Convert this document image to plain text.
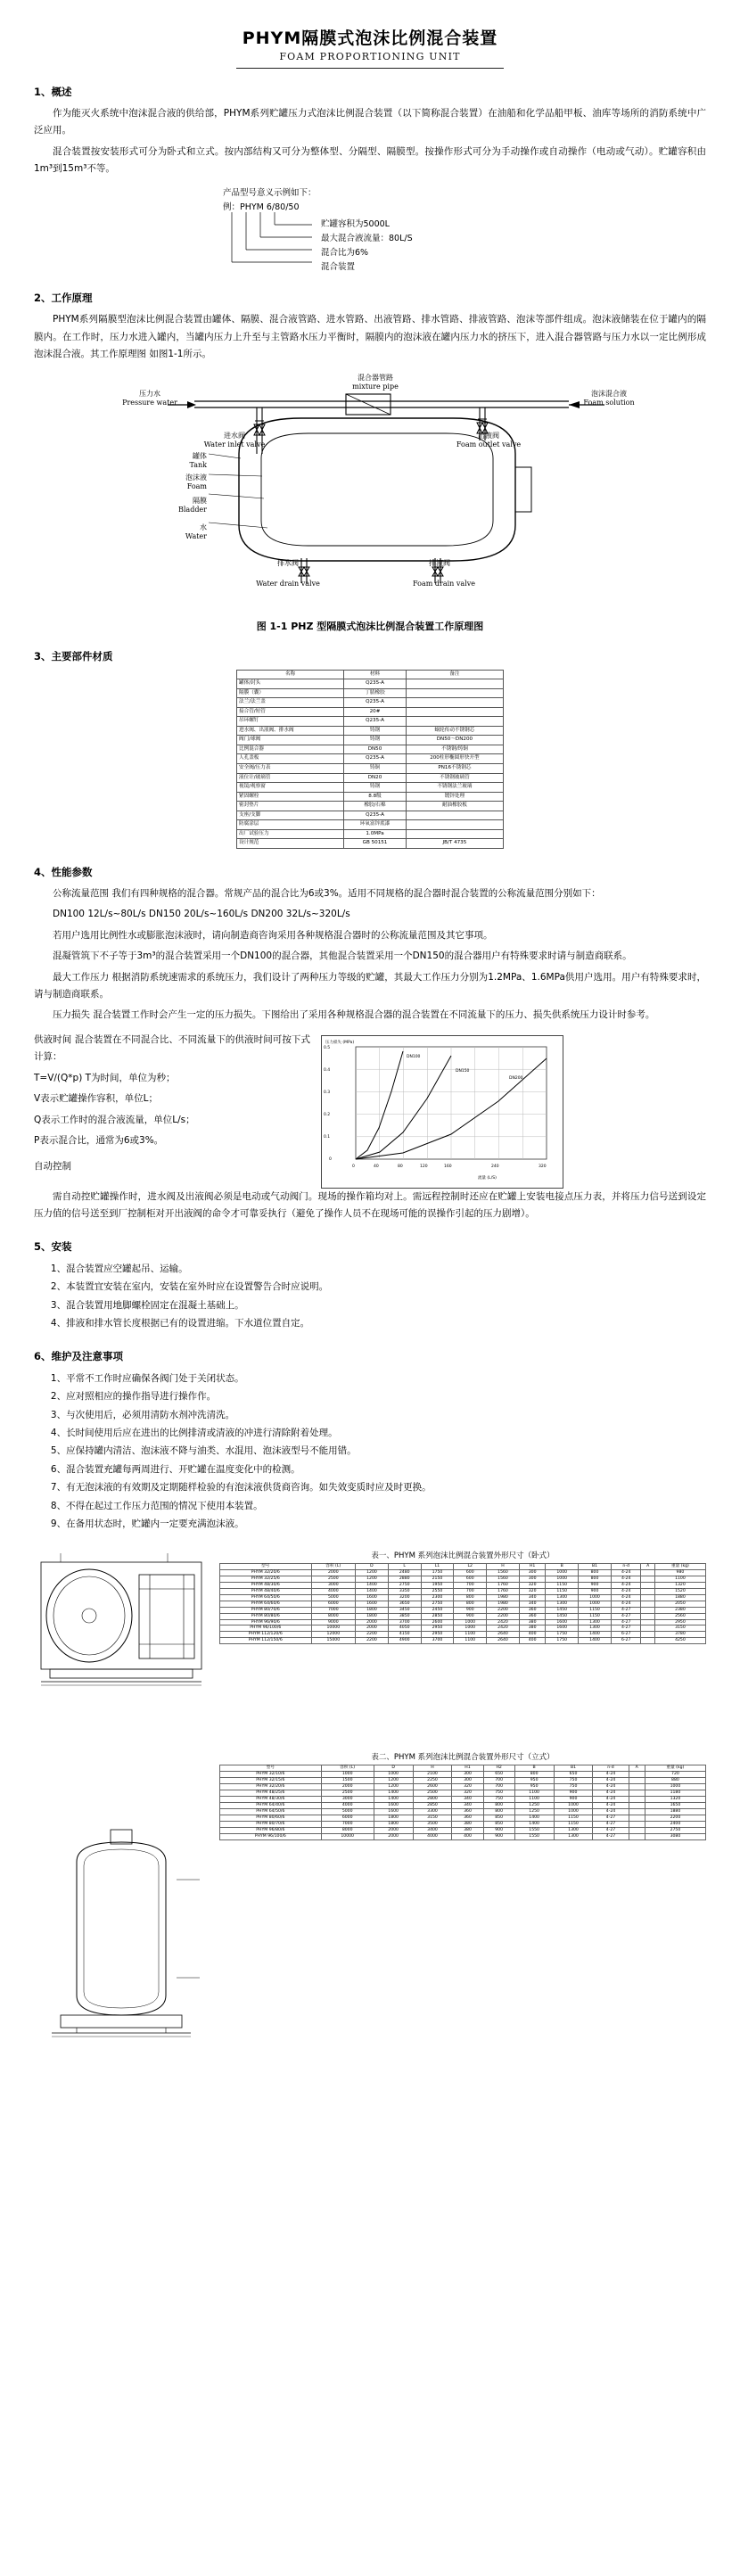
PHYM隔膜式泡沫比例混合装置
FOAM PROPORTIONING UNIT
1、概述

作为能灭火系统中泡沫混合液的供给部，PHYM系列贮罐压力式泡沫比例混合装置（以下简称混合装置）在油船和化学品船甲板、油库等场所的消防系统中广泛应用。

混合装置按安装形式可分为卧式和立式。按内部结构又可分为整体型、分隔型、隔膜型。按操作形式可分为手动操作或自动操作（电动或气动）。贮罐容积由1m³到15m³不等。

产品型号意义示例如下：
例：PHYM 6/80/50
贮罐容积为5000L
最大混合液流量：80L/S
混合比为6%
混合装置
2、工作原理

PHYM系列隔膜型泡沫比例混合装置由罐体、隔膜、混合液管路、进水管路、出液管路、排水管路、排液管路、泡沫等部件组成。泡沫液储装在位于罐内的隔膜内。在工作时，压力水进入罐内，当罐内压力上升至与主管路水压力平衡时，隔膜内的泡沫液在罐内压力水的挤压下，进入混合器管路与压力水以一定比例形成泡沫混合液。其工作原理图 如图1-1所示。

混合器管路
mixture pipe
压力水
Pressure water
泡沫混合液
Foam solution
进水阀
Water inlet valve
出液阀
Foam outlet valve
罐体
Tank
泡沫液
Foam
隔膜
Bladder
水
Water
排水阀
Water drain valve
排液阀
Foam drain valve
图 1-1 PHZ 型隔膜式泡沫比例混合装置工作原理图
3、主要部件材质
名称	材料	备注
罐体/封头	Q235-A	
隔膜（囊）	丁腈橡胶	
法兰/法兰盖	Q235-A	
接合管/短管	20#	
吊环螺钉	Q235-A	
进水阀、出液阀、排水阀	铸钢	蜗轮传动不锈钢芯
阀门/球阀	铸钢	DN50～DN200
比例混合器	DN50	不锈钢/铸铜
人孔盖板	Q235-A	200柱形椭圆形快开型
安全阀/压力表	铸铜	PN16不锈钢芯
液位计/玻璃管	DN20	不锈钢玻璃管
视镜/观察窗	铸钢	不锈钢法兰玻璃
紧固螺栓	8.8级	镀锌处理
密封垫片	橡胶/石棉	耐油橡胶板
支座/支脚	Q235-A	
防腐涂层	环氧富锌底漆	
出厂试验压力	1.0MPa	
设计规范	GB 50151	JB/T 4735
4、性能参数

公称流量范围 我们有四种规格的混合器。常规产品的混合比为6或3%。适用不同规格的混合器时混合装置的公称流量范围分别如下：

DN100 12L/s~80L/s DN150 20L/s~160L/s DN200 32L/s~320L/s

若用户选用比例性水或膨胀泡沫液时，请向制造商咨询采用各种规格混合器时的公称流量范围及其它事项。

混凝管筑下不子等于3m³的混合装置采用一个DN100的混合器，其他混合装置采用一个DN150的混合器用户有特殊要求时请与制造商联系。

最大工作压力 根据消防系统速需求的系统压力，我们设计了两种压力等级的贮罐，其最大工作压力分别为1.2MPa、1.6MPa供用户选用。用户有特殊要求时，请与制造商联系。

压力损失 混合装置工作时会产生一定的压力损失。下图给出了采用各种规格混合器的混合装置在不同流量下的压力、损失供系统压力设计时参考。

供液时间 混合装置在不同混合比、不同流量下的供液时间可按下式计算：

T=V/(Q*p) T为时间，单位为秒；

V表示贮罐操作容积，单位L；

Q表示工作时的混合液流量，单位L/s；

P表示混合比，通常为6或3%。

自动控制

0.5
0.4
0.3
0.2
0.1
0
0	40	80	120	160	240	320
流量 (L/S)
压力损失 (MPa)
DN100
DN150
DN200

需自动控贮罐操作时，进水阀及出液阀必须是电动或气动阀门。现场的操作箱均对上。需远程控制时还应在贮罐上安装电接点压力表，并将压力信号送到设定压力值的信号送至到厂控制柜对开出液阀的命令才可靠妥执行（避免了操作人员不在现场可能的误操作引起的压力剧增）。

5、安装
1、混合装置应空罐起吊、运输。
2、本装置宜安装在室内，安装在室外时应在设置警告合时应说明。
3、混合装置用地脚螺栓固定在混凝土基础上。
4、排液和排水管长度根据已有的设置进缩。下水道位置自定。
6、维护及注意事项
1、平常不工作时应确保各阀门处于关闭状态。
2、应对照相应的操作指导进行操作作。
3、与次使用后，必须用清防水剂冲洗清洗。
4、长时间使用后应在进出的比例排清或清液的冲进行清除附着处理。
5、应保持罐内清洁、泡沫液不降与油类、水混用、泡沫液型号不能用错。
6、混合装置充罐每两周进行、开贮罐在温度变化中的检测。
7、有无泡沫液的有效期及定期随样检验的有泡沫液供货商咨询。如失效变质时应及时更换。
8、不得在起过工作压力范围的情况下使用本装置。
9、在备用状态时，贮罐内一定要充满泡沫液。

表一、PHYM 系列泡沫比例混合装置外形尺寸（卧式）
型号	容积 (L)	D	L	L1	L2	H	H1	B	B1	n-d	A	重量 (kg)
PHYM 32/20/6	2000	1200	2480	1750	600	1560	300	1000	800	4-24		980
PHYM 32/25/6	2500	1200	2880	2150	600	1560	300	1000	800	4-24		1100
PHYM 48/30/6	3000	1400	2750	1950	700	1760	320	1150	900	4-24		1320
PHYM 48/40/6	4000	1400	3350	2550	700	1760	320	1150	900	4-24		1520
PHYM 64/50/6	5000	1600	3200	2300	800	1980	340	1300	1000	4-24		1880
PHYM 64/60/6	6000	1600	3650	2750	800	1980	340	1300	1000	4-24		2050
PHYM 80/70/6	7000	1800	3450	2450	900	2200	360	1450	1150	4-27		2380
PHYM 80/80/6	8000	1800	3850	2850	900	2200	360	1450	1150	4-27		2560
PHYM 96/90/6	9000	2000	3700	2600	1000	2420	380	1600	1300	4-27		2950
PHYM 96/100/6	10000	2000	4050	2950	1000	2420	380	1600	1300	4-27		3150
PHYM 112/120/6	12000	2200	4150	2950	1100	2640	400	1750	1400	6-27		3780
PHYM 112/150/6	15000	2200	4900	3700	1100	2640	400	1750	1400	6-27		4250
表二、PHYM 系列泡沫比例混合装置外形尺寸（立式）
型号	容积 (L)	D	H	H1	H2	B	B1	n-d	A	重量 (kg)
PHYM 32/10/6	1000	1000	2100	300	650	800	650	4-24		720
PHYM 32/15/6	1500	1200	2250	300	700	950	750	4-24		880
PHYM 32/20/6	2000	1200	2600	320	700	950	750	4-24		1000
PHYM 48/25/6	2500	1400	2500	320	750	1100	900	4-24		1180
PHYM 48/30/6	3000	1400	2800	340	750	1100	900	4-24		1320
PHYM 64/40/6	4000	1600	2850	340	800	1250	1000	4-24		1650
PHYM 64/50/6	5000	1600	3300	360	800	1250	1000	4-24		1880
PHYM 80/60/6	6000	1800	3150	360	850	1400	1150	4-27		2200
PHYM 80/70/6	7000	1800	3500	380	850	1400	1150	4-27		2400
PHYM 96/80/6	8000	2000	3400	380	900	1550	1300	4-27		2750
PHYM 96/100/6	10000	2000	4000	400	900	1550	1300	4-27		3080
